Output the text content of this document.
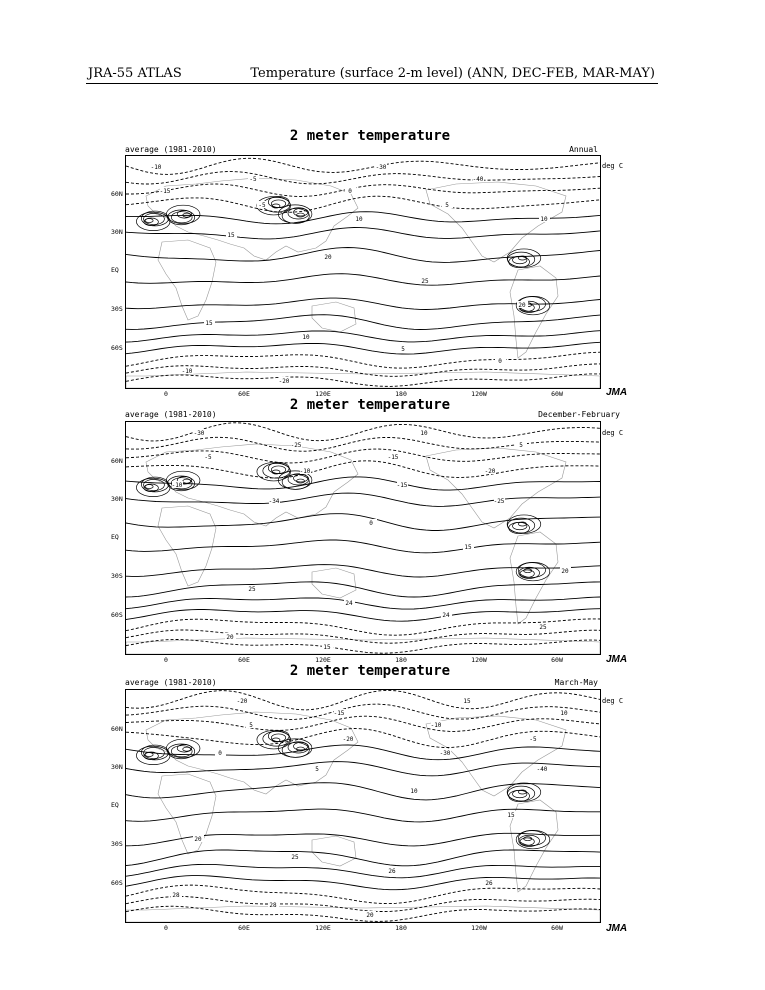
JRA-55 ATLAS	Temperature (surface 2-m level) (ANN, DEC-FEB, MAR-MAY)
2 meter temperature
average (1981-2010)	Annual
-10
-5
0
5
10
15
20
25
20
15
10
5
0
-10
-20
-30
-40
-15
-5
10
deg C
60N
30N
EQ
30S
60S
0	60E	120E	180	120W	60W	JMA
2 meter temperature
average (1981-2010)	December-February
-30
-25
-15
-20
-10
-34
0
15
20
25
24
24
25
20
15
10
5
-5
-10
-15
-25
deg C
60N
30N
EQ
30S
60S
0	60E	120E	180	120W	60W	JMA
2 meter temperature
average (1981-2010)	March-May
-20
-15
-10
-5
0
5
10
15
20
25
26
26
28
28
20
15
10
5
-20
-30
-40
deg C
60N
30N
EQ
30S
60S
0	60E	120E	180	120W	60W	JMA
